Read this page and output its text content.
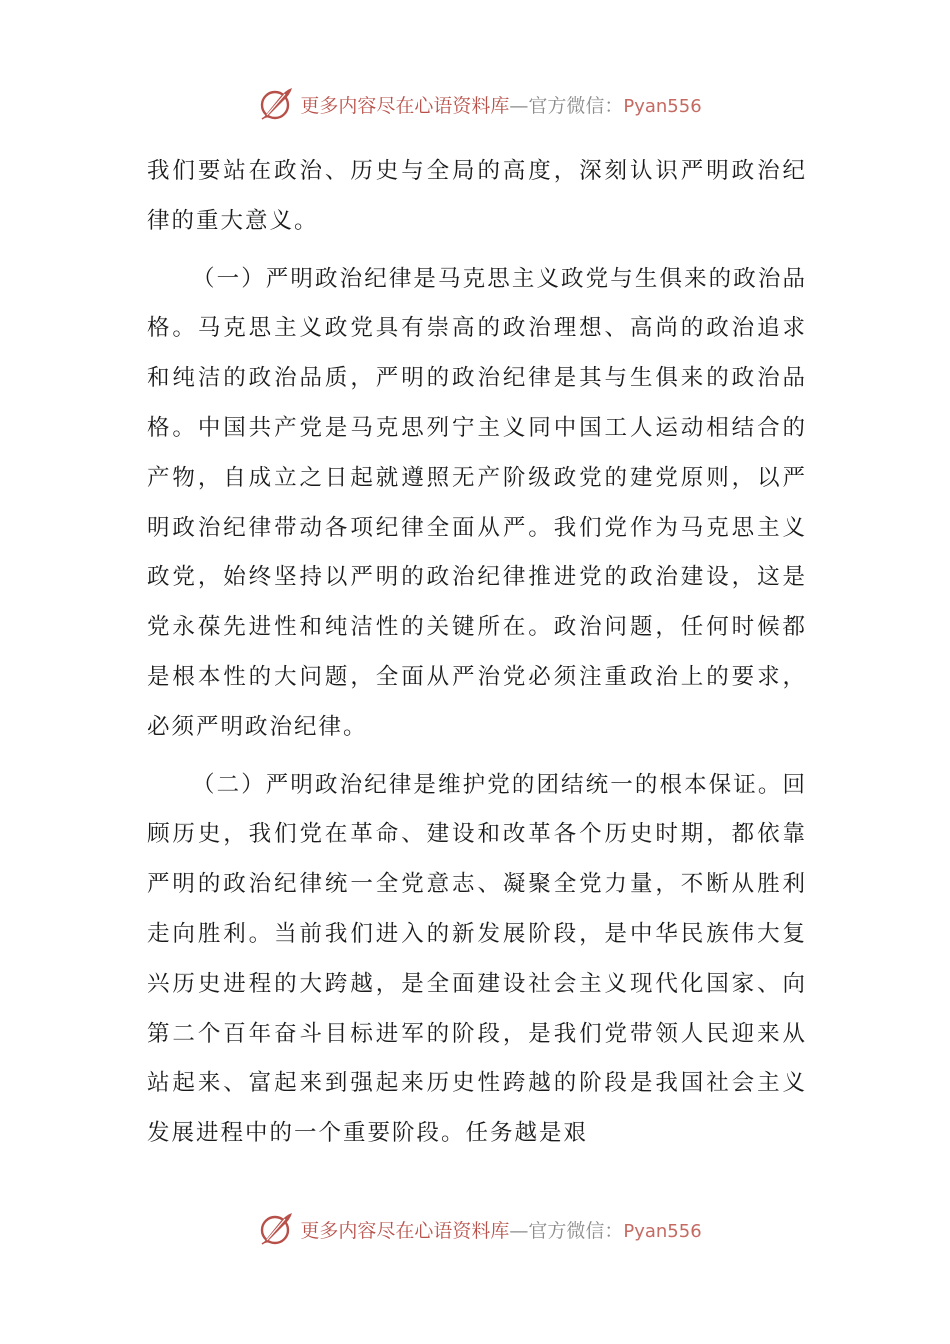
更多内容尽在心语资料库—官方微信：Pyan556

我们要站在政治、历史与全局的高度，深刻认识严明政治纪律的重大意义。

（一）严明政治纪律是马克思主义政党与生俱来的政治品格。马克思主义政党具有崇高的政治理想、高尚的政治追求和纯洁的政治品质，严明的政治纪律是其与生俱来的政治品格。中国共产党是马克思列宁主义同中国工人运动相结合的产物，自成立之日起就遵照无产阶级政党的建党原则，以严明政治纪律带动各项纪律全面从严。我们党作为马克思主义政党，始终坚持以严明的政治纪律推进党的政治建设，这是党永葆先进性和纯洁性的关键所在。政治问题，任何时候都是根本性的大问题，全面从严治党必须注重政治上的要求，必须严明政治纪律。

（二）严明政治纪律是维护党的团结统一的根本保证。回顾历史，我们党在革命、建设和改革各个历史时期，都依靠严明的政治纪律统一全党意志、凝聚全党力量，不断从胜利走向胜利。当前我们进入的新发展阶段，是中华民族伟大复兴历史进程的大跨越，是全面建设社会主义现代化国家、向第二个百年奋斗目标进军的阶段，是我们党带领人民迎来从站起来、富起来到强起来历史性跨越的阶段是我国社会主义发展进程中的一个重要阶段。任务越是艰

更多内容尽在心语资料库—官方微信：Pyan556
